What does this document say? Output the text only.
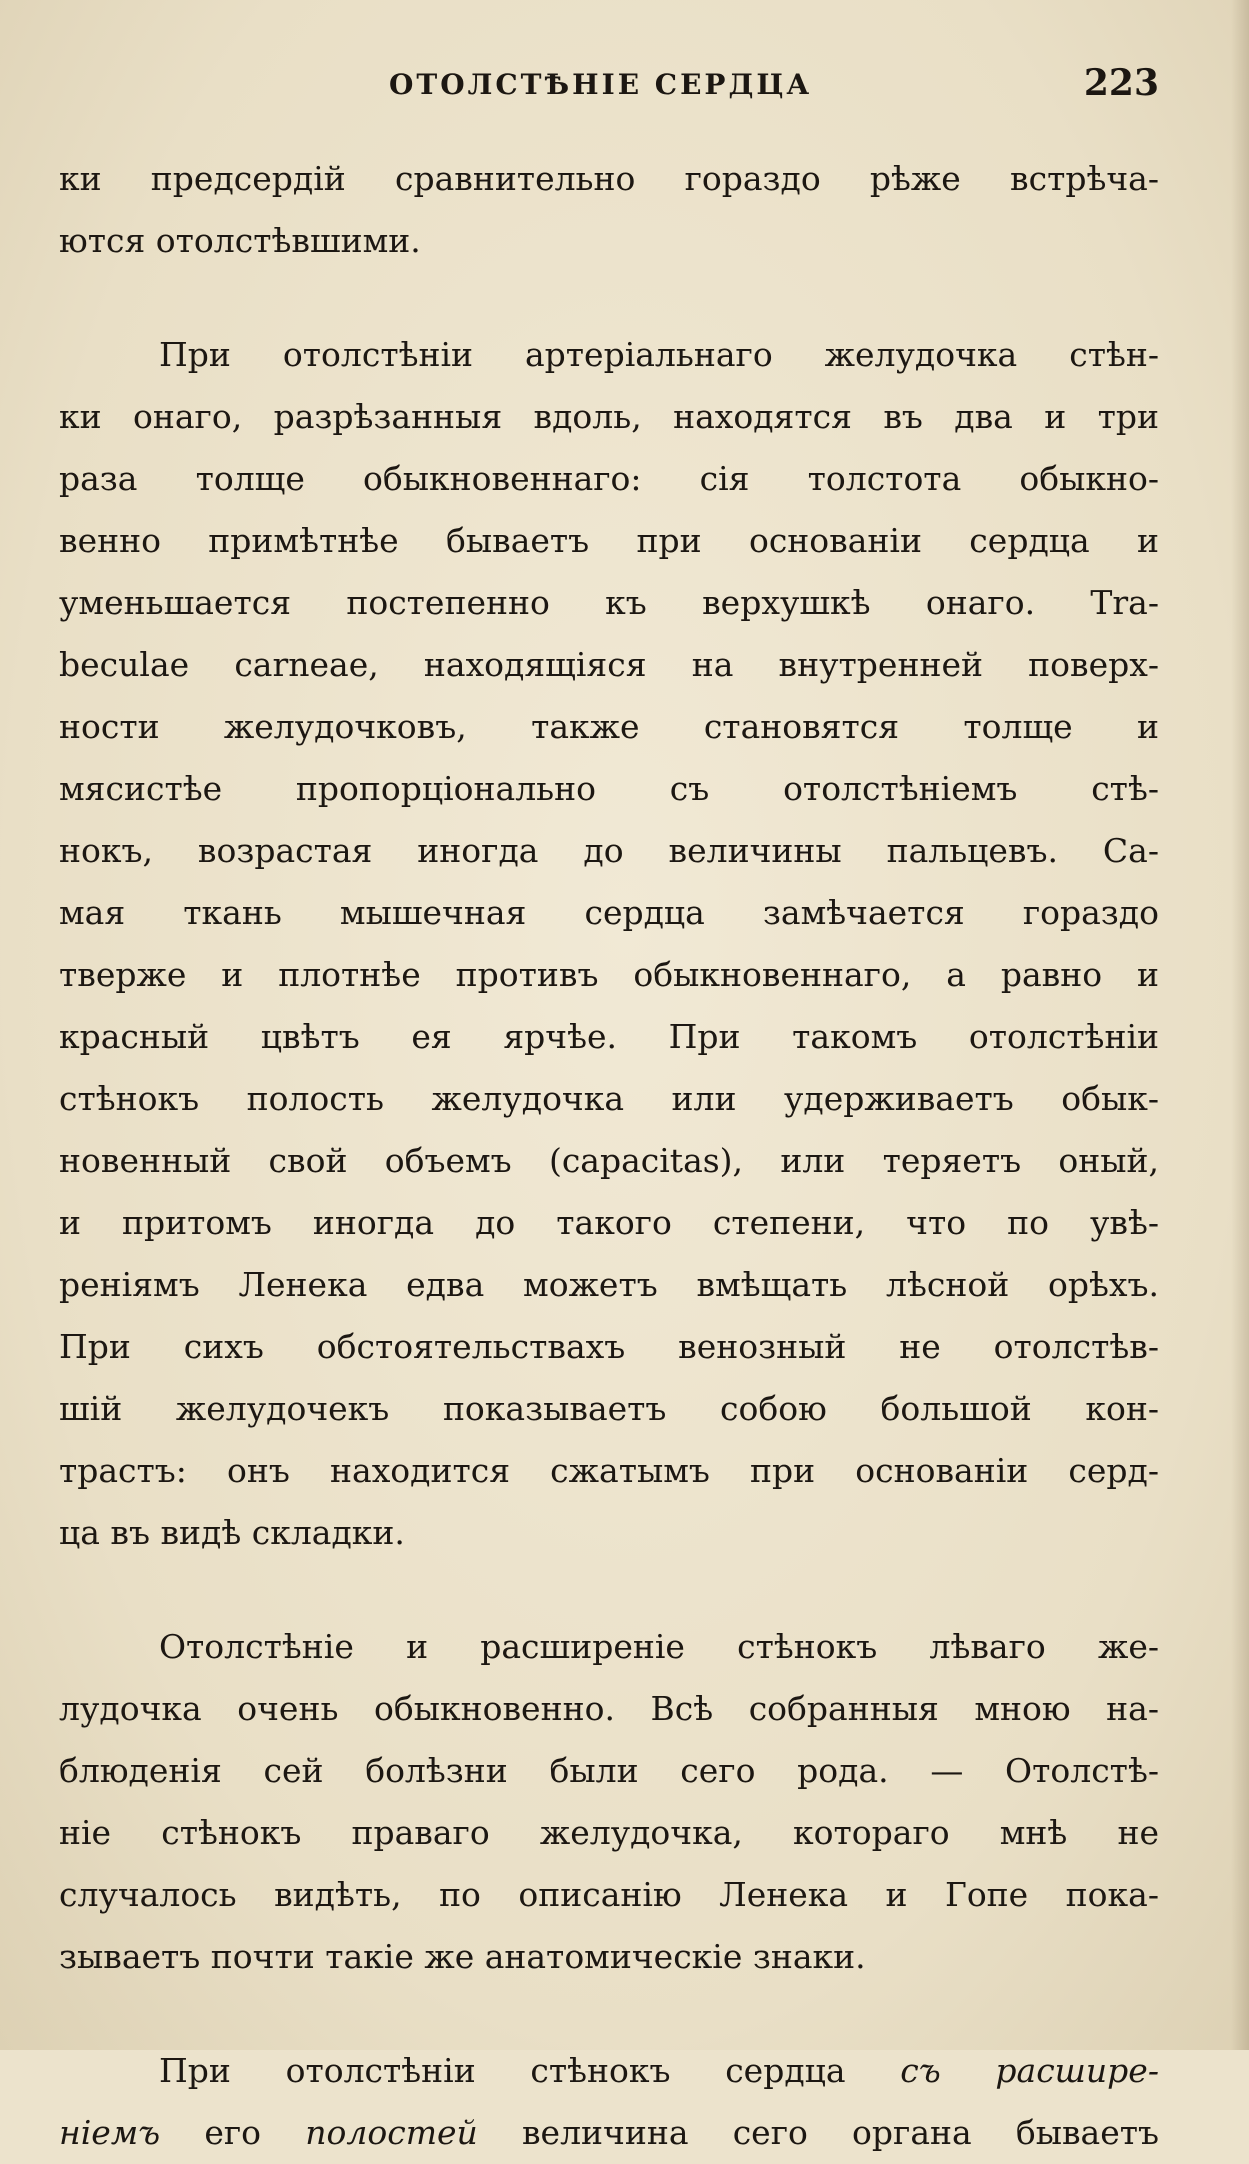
ОТОЛСТѢНІЕ СЕРДЦА	223
ки предсердій сравнительно гораздо рѣже встрѣча-
ются отолстѣвшими.
При отолстѣніи артеріальнаго желудочка стѣн-
ки онаго, разрѣзанныя вдоль, находятся въ два и три
раза толще обыкновеннаго: сія толстота обыкно-
венно примѣтнѣе бываетъ при основаніи сердца и
уменьшается постепенно къ верхушкѣ онаго. Tra-
beculae carneae, находящіяся на внутренней поверх-
ности желудочковъ, также становятся толще и
мясистѣе пропорціонально съ отолстѣніемъ стѣ-
нокъ, возрастая иногда до величины пальцевъ. Са-
мая ткань мышечная сердца замѣчается гораздо
тверже и плотнѣе противъ обыкновеннаго, а равно и
красный цвѣтъ ея ярчѣе. При такомъ отолстѣніи
стѣнокъ полость желудочка или удерживаетъ обык-
новенный свой объемъ (capacitas), или теряетъ оный,
и притомъ иногда до такого степени, что по увѣ-
реніямъ Ленека едва можетъ вмѣщать лѣсной орѣхъ.
При сихъ обстоятельствахъ венозный не отолстѣв-
шій желудочекъ показываетъ собою большой кон-
трастъ: онъ находится сжатымъ при основаніи серд-
ца въ видѣ складки.
Отолстѣніе и расширеніе стѣнокъ лѣваго же-
лудочка очень обыкновенно. Всѣ собранныя мною на-
блюденія сей болѣзни были сего рода. — Отолстѣ-
ніе стѣнокъ праваго желудочка, котораго мнѣ не
случалось видѣть, по описанію Ленека и Гопе пока-
зываетъ почти такіе же анатомическіе знаки.
При отолстѣніи стѣнокъ сердца съ расшире-
ніемъ его полостей величина сего органа бываетъ
